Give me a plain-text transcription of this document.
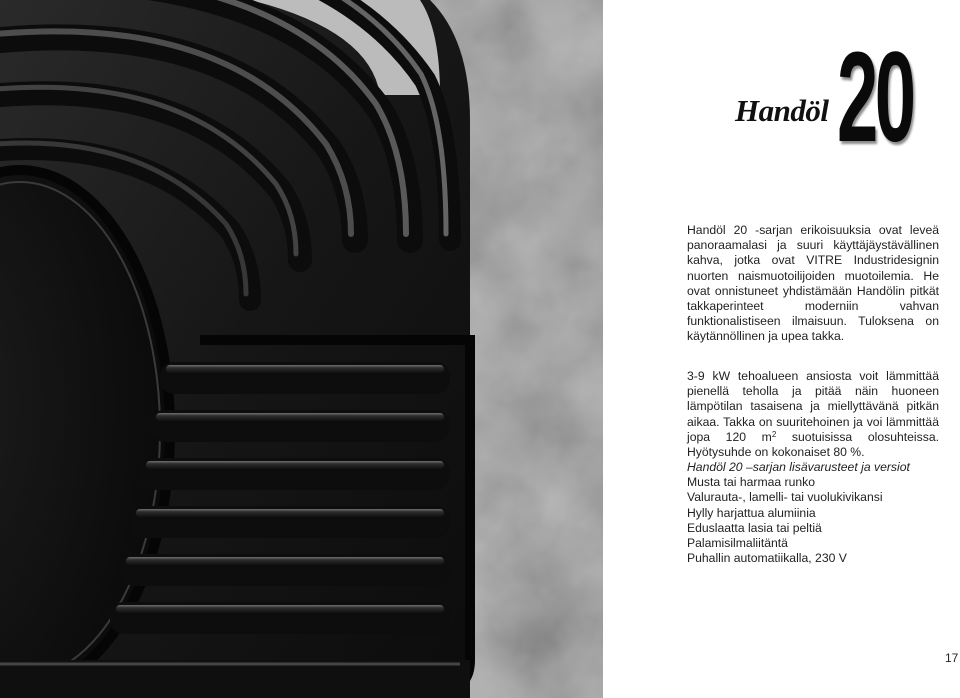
Handöl 20

Handöl 20 -sarjan erikoisuuksia ovat leveä panoraamalasi ja suuri käyttäjäystävällinen kahva, jotka ovat VITRE Industridesignin nuorten naismuotoilijoiden muotoilemia. He ovat onnistuneet yhdistämään Handölin pitkät takkaperinteet moderniin vahvan funktionalistiseen ilmaisuun. Tuloksena on käytännöllinen ja upea takka.

3-9 kW tehoalueen ansiosta voit lämmittää pienellä teholla ja pitää näin huoneen lämpötilan tasaisena ja miellyttävänä pitkän aikaa. Takka on suuritehoinen ja voi lämmittää jopa 120 $m^2$ suotuisissa olosuhteissa. Hyötysuhde on kokonaiset 80 %.

Handöl 20 –sarjan lisävarusteet ja versiot

Musta tai harmaa runko
Valurauta-, lamelli- tai vuolukivikansi
Hylly harjattua alumiinia
Eduslaatta lasia tai peltiä
Palamisilmaliitäntä
Puhallin automatiikalla, 230 V
17
